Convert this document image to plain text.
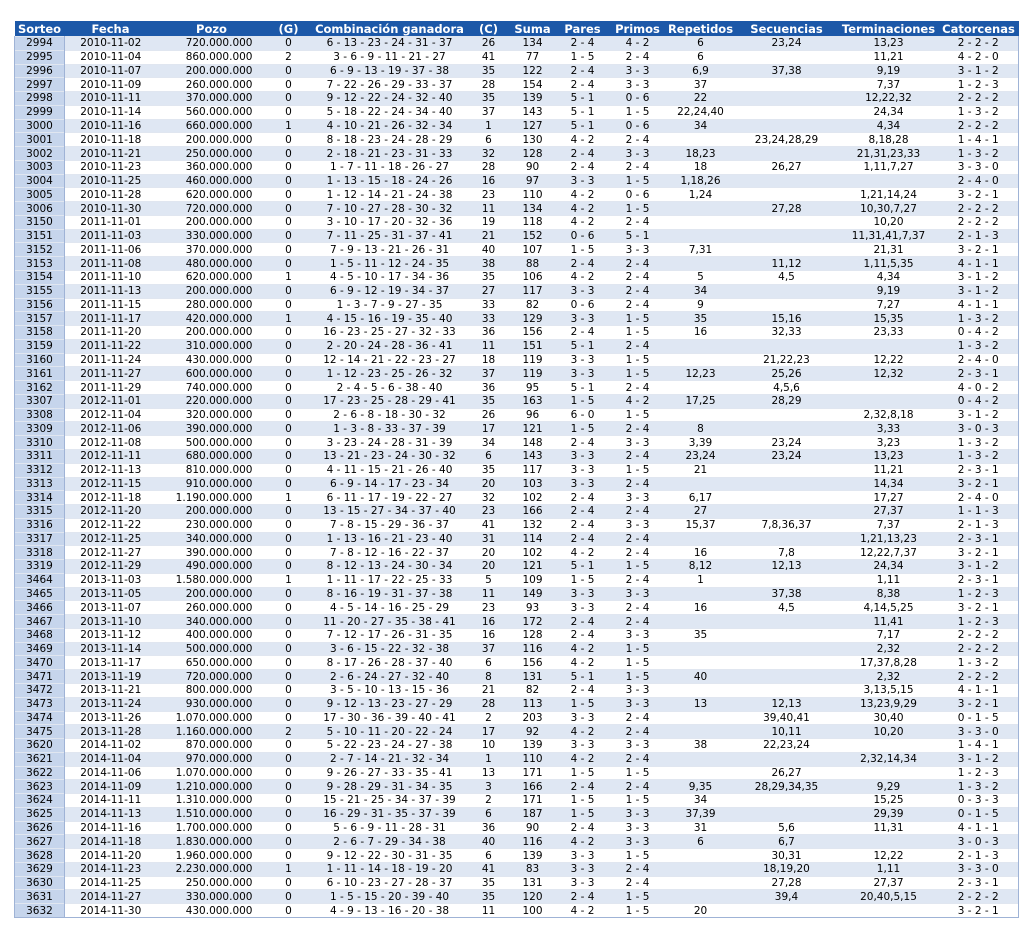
Sorteo	Fecha	Pozo	(G)	Combinación ganadora	(C)	Suma	Pares	Primos	Repetidos	Secuencias	Terminaciones	Catorcenas
2994	2010-11-02	720.000.000	0	6 - 13 - 23 - 24 - 31 - 37	26	134	2 - 4	4 - 2	6	23,24	13,23	2 - 2 - 2
2995	2010-11-04	860.000.000	2	3 - 6 - 9 - 11 - 21 - 27	41	77	1 - 5	2 - 4	6		11,21	4 - 2 - 0
2996	2010-11-07	200.000.000	0	6 - 9 - 13 - 19 - 37 - 38	35	122	2 - 4	3 - 3	6,9	37,38	9,19	3 - 1 - 2
2997	2010-11-09	260.000.000	0	7 - 22 - 26 - 29 - 33 - 37	28	154	2 - 4	3 - 3	37		7,37	1 - 2 - 3
2998	2010-11-11	370.000.000	0	9 - 12 - 22 - 24 - 32 - 40	35	139	5 - 1	0 - 6	22		12,22,32	2 - 2 - 2
2999	2010-11-14	560.000.000	0	5 - 18 - 22 - 24 - 34 - 40	37	143	5 - 1	1 - 5	22,24,40		24,34	1 - 3 - 2
3000	2010-11-16	660.000.000	1	4 - 10 - 21 - 26 - 32 - 34	1	127	5 - 1	0 - 6	34		4,34	2 - 2 - 2
3001	2010-11-18	200.000.000	0	8 - 18 - 23 - 24 - 28 - 29	6	130	4 - 2	2 - 4		23,24,28,29	8,18,28	1 - 4 - 1
3002	2010-11-21	250.000.000	0	2 - 18 - 21 - 23 - 31 - 33	32	128	2 - 4	3 - 3	18,23		21,31,23,33	1 - 3 - 2
3003	2010-11-23	360.000.000	0	1 - 7 - 11 - 18 - 26 - 27	28	90	2 - 4	2 - 4	18	26,27	1,11,7,27	3 - 3 - 0
3004	2010-11-25	460.000.000	0	1 - 13 - 15 - 18 - 24 - 26	16	97	3 - 3	1 - 5	1,18,26			2 - 4 - 0
3005	2010-11-28	620.000.000	0	1 - 12 - 14 - 21 - 24 - 38	23	110	4 - 2	0 - 6	1,24		1,21,14,24	3 - 2 - 1
3006	2010-11-30	720.000.000	0	7 - 10 - 27 - 28 - 30 - 32	11	134	4 - 2	1 - 5		27,28	10,30,7,27	2 - 2 - 2
3150	2011-11-01	200.000.000	0	3 - 10 - 17 - 20 - 32 - 36	19	118	4 - 2	2 - 4			10,20	2 - 2 - 2
3151	2011-11-03	330.000.000	0	7 - 11 - 25 - 31 - 37 - 41	21	152	0 - 6	5 - 1			11,31,41,7,37	2 - 1 - 3
3152	2011-11-06	370.000.000	0	7 - 9 - 13 - 21 - 26 - 31	40	107	1 - 5	3 - 3	7,31		21,31	3 - 2 - 1
3153	2011-11-08	480.000.000	0	1 - 5 - 11 - 12 - 24 - 35	38	88	2 - 4	2 - 4		11,12	1,11,5,35	4 - 1 - 1
3154	2011-11-10	620.000.000	1	4 - 5 - 10 - 17 - 34 - 36	35	106	4 - 2	2 - 4	5	4,5	4,34	3 - 1 - 2
3155	2011-11-13	200.000.000	0	6 - 9 - 12 - 19 - 34 - 37	27	117	3 - 3	2 - 4	34		9,19	3 - 1 - 2
3156	2011-11-15	280.000.000	0	1 - 3 - 7 - 9 - 27 - 35	33	82	0 - 6	2 - 4	9		7,27	4 - 1 - 1
3157	2011-11-17	420.000.000	1	4 - 15 - 16 - 19 - 35 - 40	33	129	3 - 3	1 - 5	35	15,16	15,35	1 - 3 - 2
3158	2011-11-20	200.000.000	0	16 - 23 - 25 - 27 - 32 - 33	36	156	2 - 4	1 - 5	16	32,33	23,33	0 - 4 - 2
3159	2011-11-22	310.000.000	0	2 - 20 - 24 - 28 - 36 - 41	11	151	5 - 1	2 - 4				1 - 3 - 2
3160	2011-11-24	430.000.000	0	12 - 14 - 21 - 22 - 23 - 27	18	119	3 - 3	1 - 5		21,22,23	12,22	2 - 4 - 0
3161	2011-11-27	600.000.000	0	1 - 12 - 23 - 25 - 26 - 32	37	119	3 - 3	1 - 5	12,23	25,26	12,32	2 - 3 - 1
3162	2011-11-29	740.000.000	0	2 - 4 - 5 - 6 - 38 - 40	36	95	5 - 1	2 - 4		4,5,6		4 - 0 - 2
3307	2012-11-01	220.000.000	0	17 - 23 - 25 - 28 - 29 - 41	35	163	1 - 5	4 - 2	17,25	28,29		0 - 4 - 2
3308	2012-11-04	320.000.000	0	2 - 6 - 8 - 18 - 30 - 32	26	96	6 - 0	1 - 5			2,32,8,18	3 - 1 - 2
3309	2012-11-06	390.000.000	0	1 - 3 - 8 - 33 - 37 - 39	17	121	1 - 5	2 - 4	8		3,33	3 - 0 - 3
3310	2012-11-08	500.000.000	0	3 - 23 - 24 - 28 - 31 - 39	34	148	2 - 4	3 - 3	3,39	23,24	3,23	1 - 3 - 2
3311	2012-11-11	680.000.000	0	13 - 21 - 23 - 24 - 30 - 32	6	143	3 - 3	2 - 4	23,24	23,24	13,23	1 - 3 - 2
3312	2012-11-13	810.000.000	0	4 - 11 - 15 - 21 - 26 - 40	35	117	3 - 3	1 - 5	21		11,21	2 - 3 - 1
3313	2012-11-15	910.000.000	0	6 - 9 - 14 - 17 - 23 - 34	20	103	3 - 3	2 - 4			14,34	3 - 2 - 1
3314	2012-11-18	1.190.000.000	1	6 - 11 - 17 - 19 - 22 - 27	32	102	2 - 4	3 - 3	6,17		17,27	2 - 4 - 0
3315	2012-11-20	200.000.000	0	13 - 15 - 27 - 34 - 37 - 40	23	166	2 - 4	2 - 4	27		27,37	1 - 1 - 3
3316	2012-11-22	230.000.000	0	7 - 8 - 15 - 29 - 36 - 37	41	132	2 - 4	3 - 3	15,37	7,8,36,37	7,37	2 - 1 - 3
3317	2012-11-25	340.000.000	0	1 - 13 - 16 - 21 - 23 - 40	31	114	2 - 4	2 - 4			1,21,13,23	2 - 3 - 1
3318	2012-11-27	390.000.000	0	7 - 8 - 12 - 16 - 22 - 37	20	102	4 - 2	2 - 4	16	7,8	12,22,7,37	3 - 2 - 1
3319	2012-11-29	490.000.000	0	8 - 12 - 13 - 24 - 30 - 34	20	121	5 - 1	1 - 5	8,12	12,13	24,34	3 - 1 - 2
3464	2013-11-03	1.580.000.000	1	1 - 11 - 17 - 22 - 25 - 33	5	109	1 - 5	2 - 4	1		1,11	2 - 3 - 1
3465	2013-11-05	200.000.000	0	8 - 16 - 19 - 31 - 37 - 38	11	149	3 - 3	3 - 3		37,38	8,38	1 - 2 - 3
3466	2013-11-07	260.000.000	0	4 - 5 - 14 - 16 - 25 - 29	23	93	3 - 3	2 - 4	16	4,5	4,14,5,25	3 - 2 - 1
3467	2013-11-10	340.000.000	0	11 - 20 - 27 - 35 - 38 - 41	16	172	2 - 4	2 - 4			11,41	1 - 2 - 3
3468	2013-11-12	400.000.000	0	7 - 12 - 17 - 26 - 31 - 35	16	128	2 - 4	3 - 3	35		7,17	2 - 2 - 2
3469	2013-11-14	500.000.000	0	3 - 6 - 15 - 22 - 32 - 38	37	116	4 - 2	1 - 5			2,32	2 - 2 - 2
3470	2013-11-17	650.000.000	0	8 - 17 - 26 - 28 - 37 - 40	6	156	4 - 2	1 - 5			17,37,8,28	1 - 3 - 2
3471	2013-11-19	720.000.000	0	2 - 6 - 24 - 27 - 32 - 40	8	131	5 - 1	1 - 5	40		2,32	2 - 2 - 2
3472	2013-11-21	800.000.000	0	3 - 5 - 10 - 13 - 15 - 36	21	82	2 - 4	3 - 3			3,13,5,15	4 - 1 - 1
3473	2013-11-24	930.000.000	0	9 - 12 - 13 - 23 - 27 - 29	28	113	1 - 5	3 - 3	13	12,13	13,23,9,29	3 - 2 - 1
3474	2013-11-26	1.070.000.000	0	17 - 30 - 36 - 39 - 40 - 41	2	203	3 - 3	2 - 4		39,40,41	30,40	0 - 1 - 5
3475	2013-11-28	1.160.000.000	2	5 - 10 - 11 - 20 - 22 - 24	17	92	4 - 2	2 - 4		10,11	10,20	3 - 3 - 0
3620	2014-11-02	870.000.000	0	5 - 22 - 23 - 24 - 27 - 38	10	139	3 - 3	3 - 3	38	22,23,24		1 - 4 - 1
3621	2014-11-04	970.000.000	0	2 - 7 - 14 - 21 - 32 - 34	1	110	4 - 2	2 - 4			2,32,14,34	3 - 1 - 2
3622	2014-11-06	1.070.000.000	0	9 - 26 - 27 - 33 - 35 - 41	13	171	1 - 5	1 - 5		26,27		1 - 2 - 3
3623	2014-11-09	1.210.000.000	0	9 - 28 - 29 - 31 - 34 - 35	3	166	2 - 4	2 - 4	9,35	28,29,34,35	9,29	1 - 3 - 2
3624	2014-11-11	1.310.000.000	0	15 - 21 - 25 - 34 - 37 - 39	2	171	1 - 5	1 - 5	34		15,25	0 - 3 - 3
3625	2014-11-13	1.510.000.000	0	16 - 29 - 31 - 35 - 37 - 39	6	187	1 - 5	3 - 3	37,39		29,39	0 - 1 - 5
3626	2014-11-16	1.700.000.000	0	5 - 6 - 9 - 11 - 28 - 31	36	90	2 - 4	3 - 3	31	5,6	11,31	4 - 1 - 1
3627	2014-11-18	1.830.000.000	0	2 - 6 - 7 - 29 - 34 - 38	40	116	4 - 2	3 - 3	6	6,7		3 - 0 - 3
3628	2014-11-20	1.960.000.000	0	9 - 12 - 22 - 30 - 31 - 35	6	139	3 - 3	1 - 5		30,31	12,22	2 - 1 - 3
3629	2014-11-23	2.230.000.000	1	1 - 11 - 14 - 18 - 19 - 20	41	83	3 - 3	2 - 4		18,19,20	1,11	3 - 3 - 0
3630	2014-11-25	250.000.000	0	6 - 10 - 23 - 27 - 28 - 37	35	131	3 - 3	2 - 4		27,28	27,37	2 - 3 - 1
3631	2014-11-27	330.000.000	0	1 - 5 - 15 - 20 - 39 - 40	35	120	2 - 4	1 - 5		39,4	20,40,5,15	2 - 2 - 2
3632	2014-11-30	430.000.000	0	4 - 9 - 13 - 16 - 20 - 38	11	100	4 - 2	1 - 5	20			3 - 2 - 1
